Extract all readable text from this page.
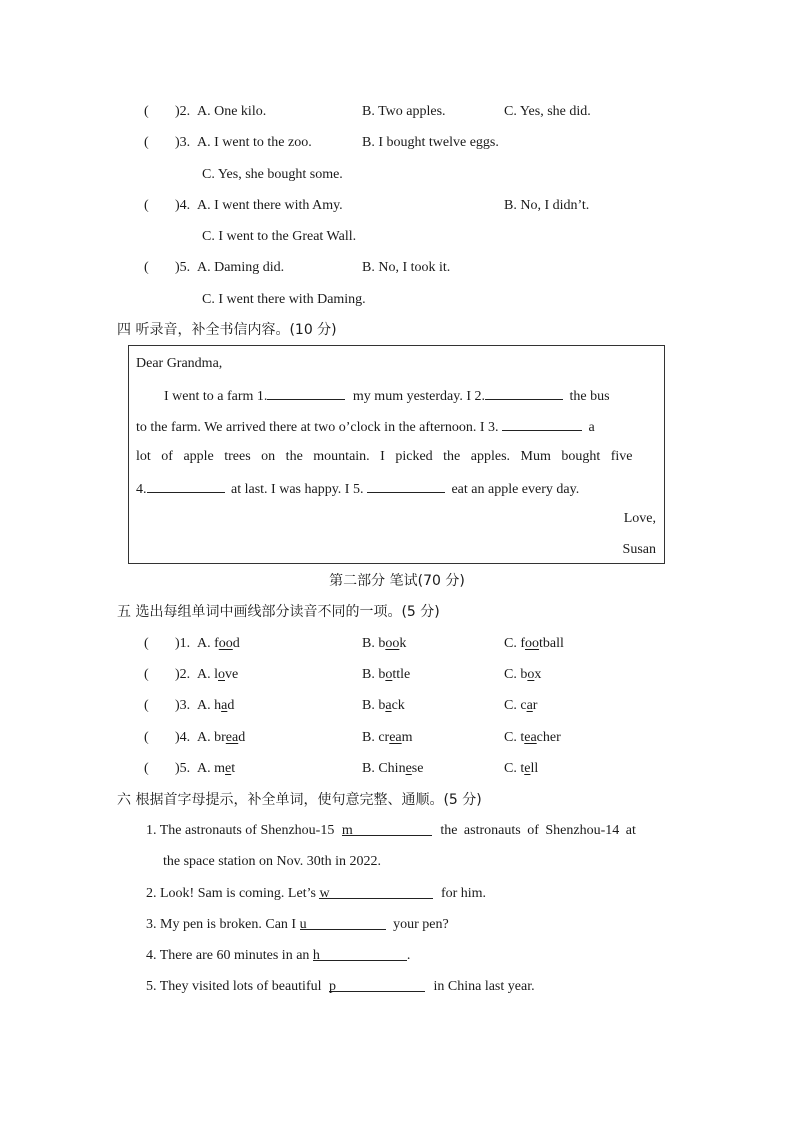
( )2. A. One kilo.	B. Two apples.	C. Yes, she did.
( )3. A. I went to the zoo.	B. I bought twelve eggs.
C. Yes, she bought some.
( )4. A. I went there with Amy.	B. No, I didn’t.
C. I went to the Great Wall.
( )5. A. Daming did.	B. No, I took it.
C. I went there with Daming.
四 听录音，补全书信内容。(10 分)
Dear Grandma,
I went to a farm 1.	my mum yesterday. I 2.	the bus
to the farm. We arrived there at two o’clock in the afternoon. I 3.	a
lot of apple trees on the mountain. I picked the apples. Mum bought five
4.	at last. I was happy. I 5.	eat an apple every day.
Love,
Susan
第二部分 笔试(70 分)
五 选出每组单词中画线部分读音不同的一项。(5 分)
( )1. A. food	B. book	C. football
( )2. A. love	B. bottle	C. box
( )3. A. had	B. back	C. car
( )4. A. bread	B. cream	C. teacher
( )5. A. met	B. Chinese	C. tell
六 根据首字母提示，补全单词，使句意完整、通顺。(5 分)
1. The astronauts of Shenzhou-15 m	the astronauts of Shenzhou-14 at
the space station on Nov. 30th in 2022.
2. Look! Sam is coming. Let’s w	for him.
3. My pen is broken. Can I u	your pen?
4. There are 60 minutes in an h	.
5. They visited lots of beautiful p	in China last year.
